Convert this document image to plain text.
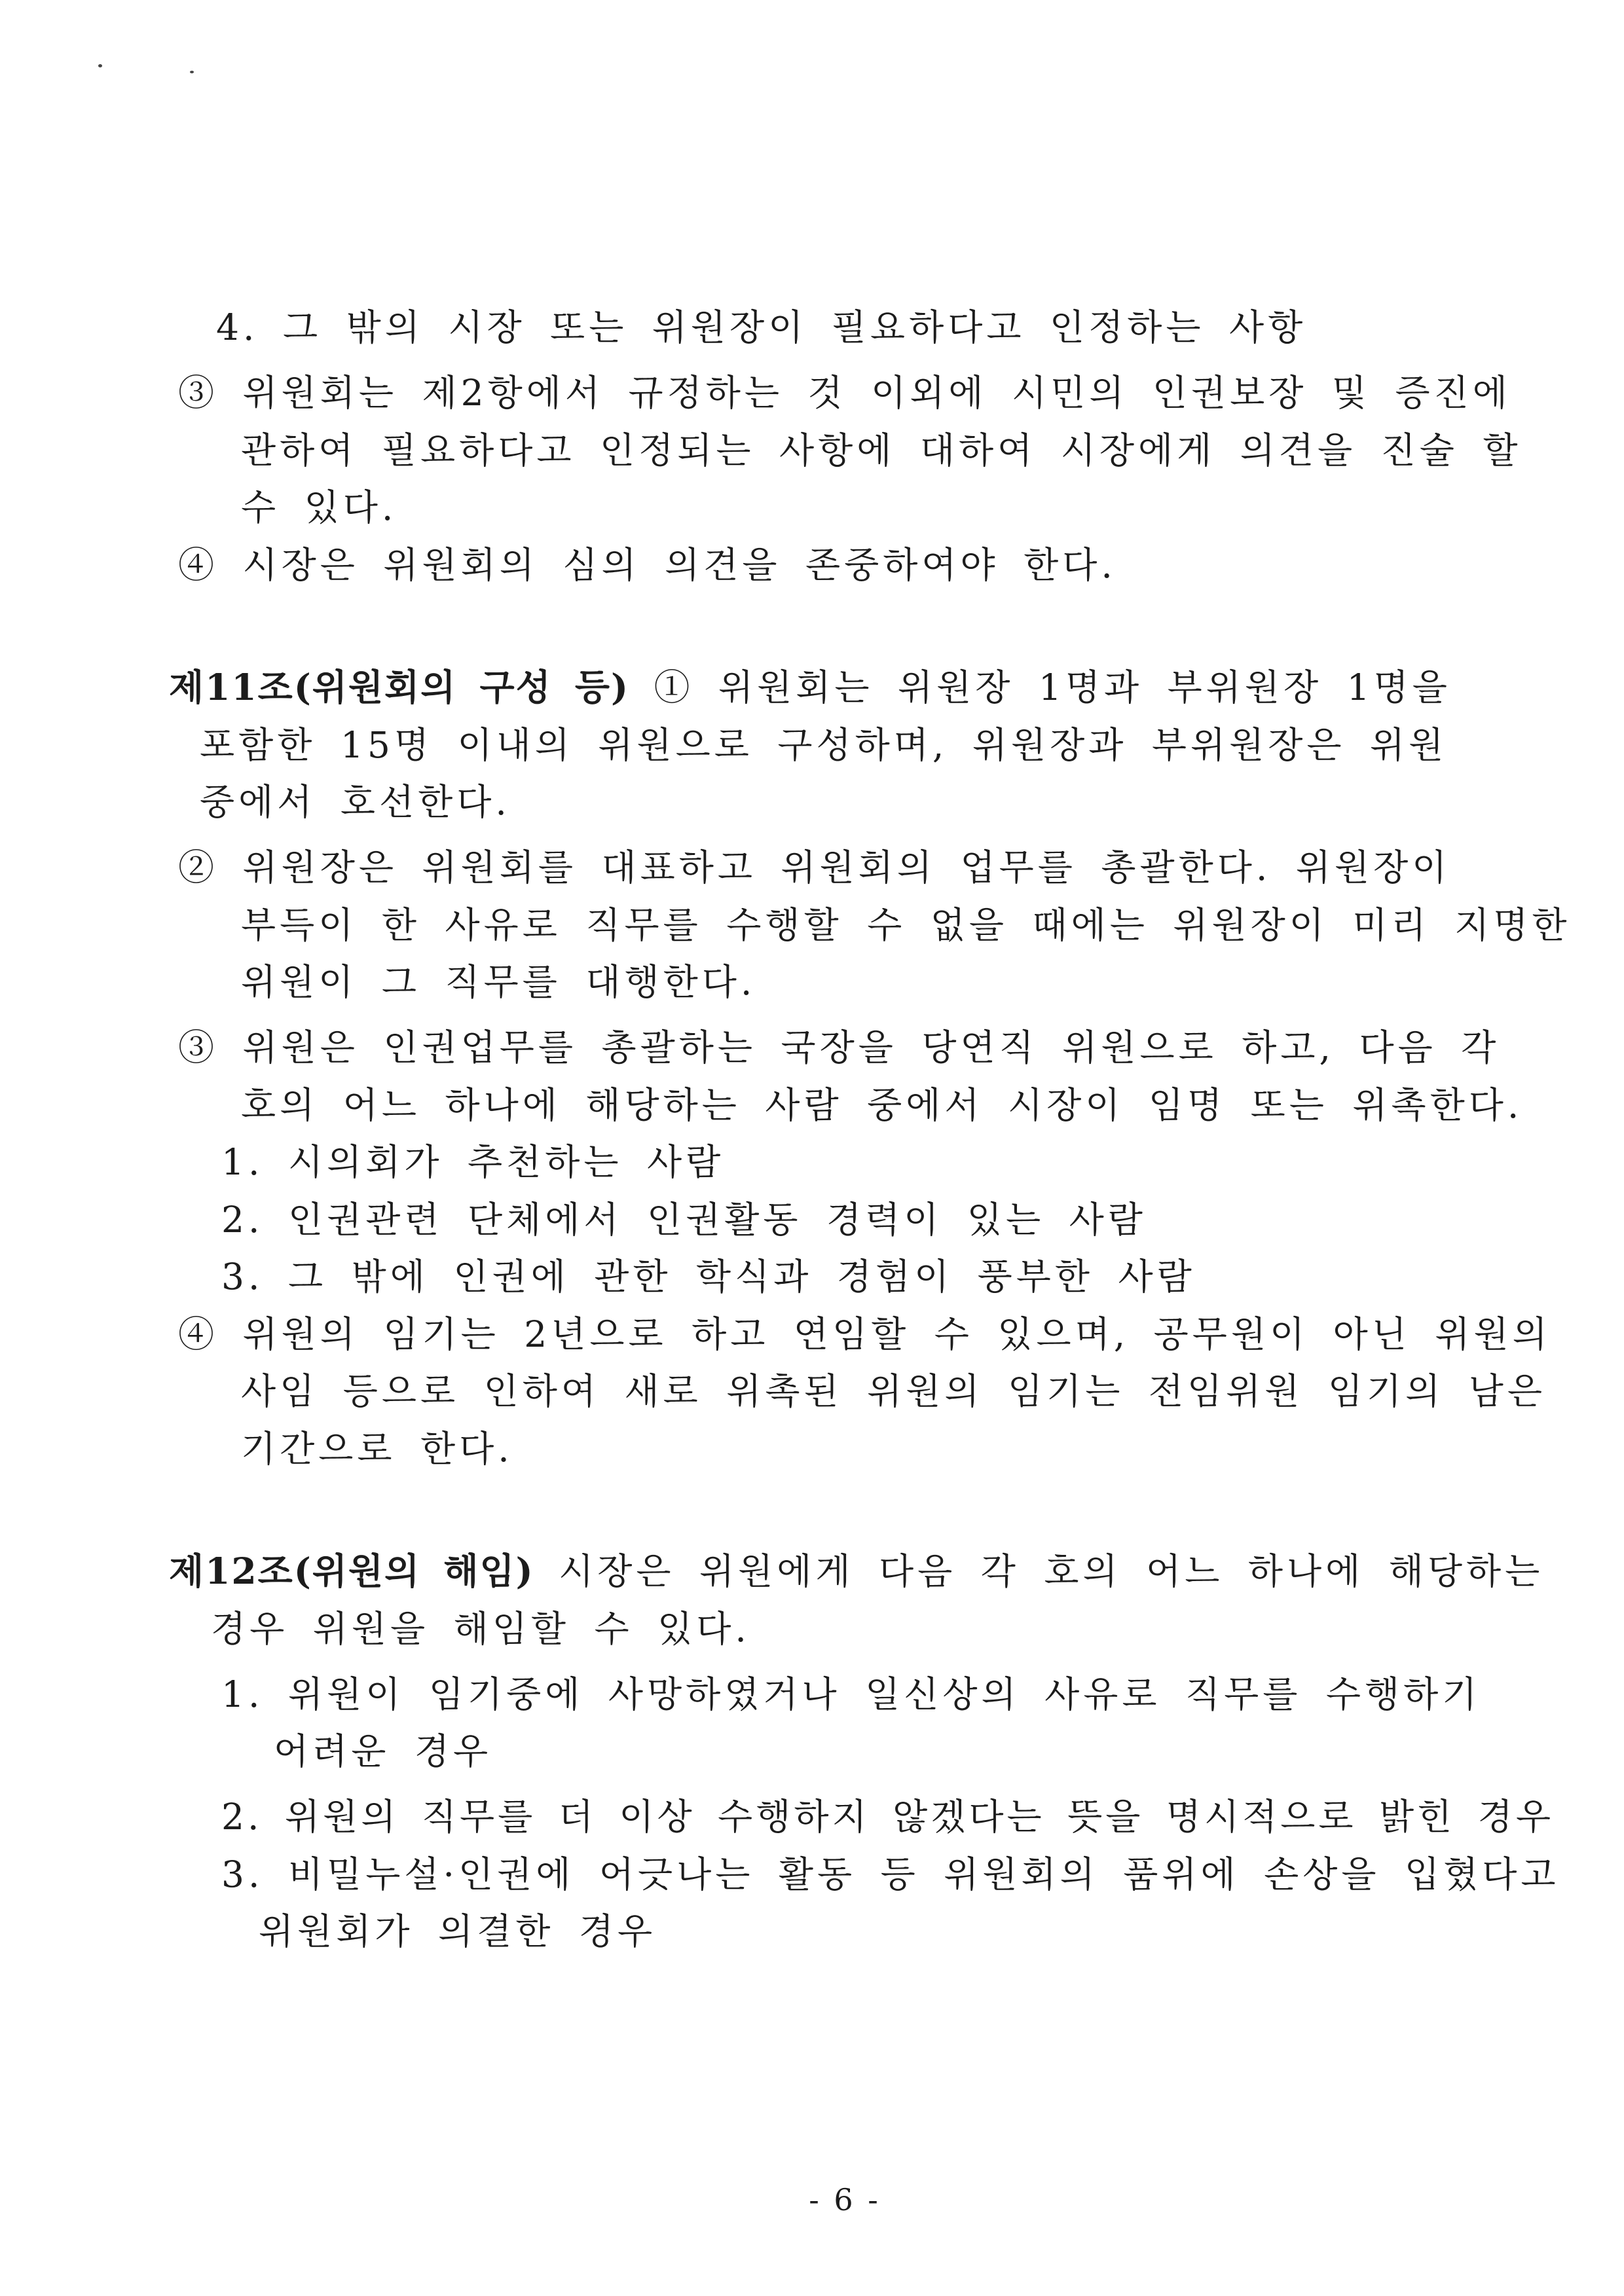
4. 그 밖의 시장 또는 위원장이 필요하다고 인정하는 사항
③ 위원회는 제2항에서 규정하는 것 이외에 시민의 인권보장 및 증진에
관하여 필요하다고 인정되는 사항에 대하여 시장에게 의견을 진술 할
수 있다.
④ 시장은 위원회의 심의 의견을 존중하여야 한다.
제11조(위원회의 구성 등) ① 위원회는 위원장 1명과 부위원장 1명을
포함한 15명 이내의 위원으로 구성하며, 위원장과 부위원장은 위원
중에서 호선한다.
② 위원장은 위원회를 대표하고 위원회의 업무를 총괄한다. 위원장이
부득이 한 사유로 직무를 수행할 수 없을 때에는 위원장이 미리 지명한
위원이 그 직무를 대행한다.
③ 위원은 인권업무를 총괄하는 국장을 당연직 위원으로 하고, 다음 각
호의 어느 하나에 해당하는 사람 중에서 시장이 임명 또는 위촉한다.
1. 시의회가 추천하는 사람
2. 인권관련 단체에서 인권활동 경력이 있는 사람
3. 그 밖에 인권에 관한 학식과 경험이 풍부한 사람
④ 위원의 임기는 2년으로 하고 연임할 수 있으며, 공무원이 아닌 위원의
사임 등으로 인하여 새로 위촉된 위원의 임기는 전임위원 임기의 남은
기간으로 한다.
제12조(위원의 해임) 시장은 위원에게 다음 각 호의 어느 하나에 해당하는
경우 위원을 해임할 수 있다.
1. 위원이 임기중에 사망하였거나 일신상의 사유로 직무를 수행하기
어려운 경우
2. 위원의 직무를 더 이상 수행하지 않겠다는 뜻을 명시적으로 밝힌 경우
3. 비밀누설·인권에 어긋나는 활동 등 위원회의 품위에 손상을 입혔다고
위원회가 의결한 경우
- 6 -
